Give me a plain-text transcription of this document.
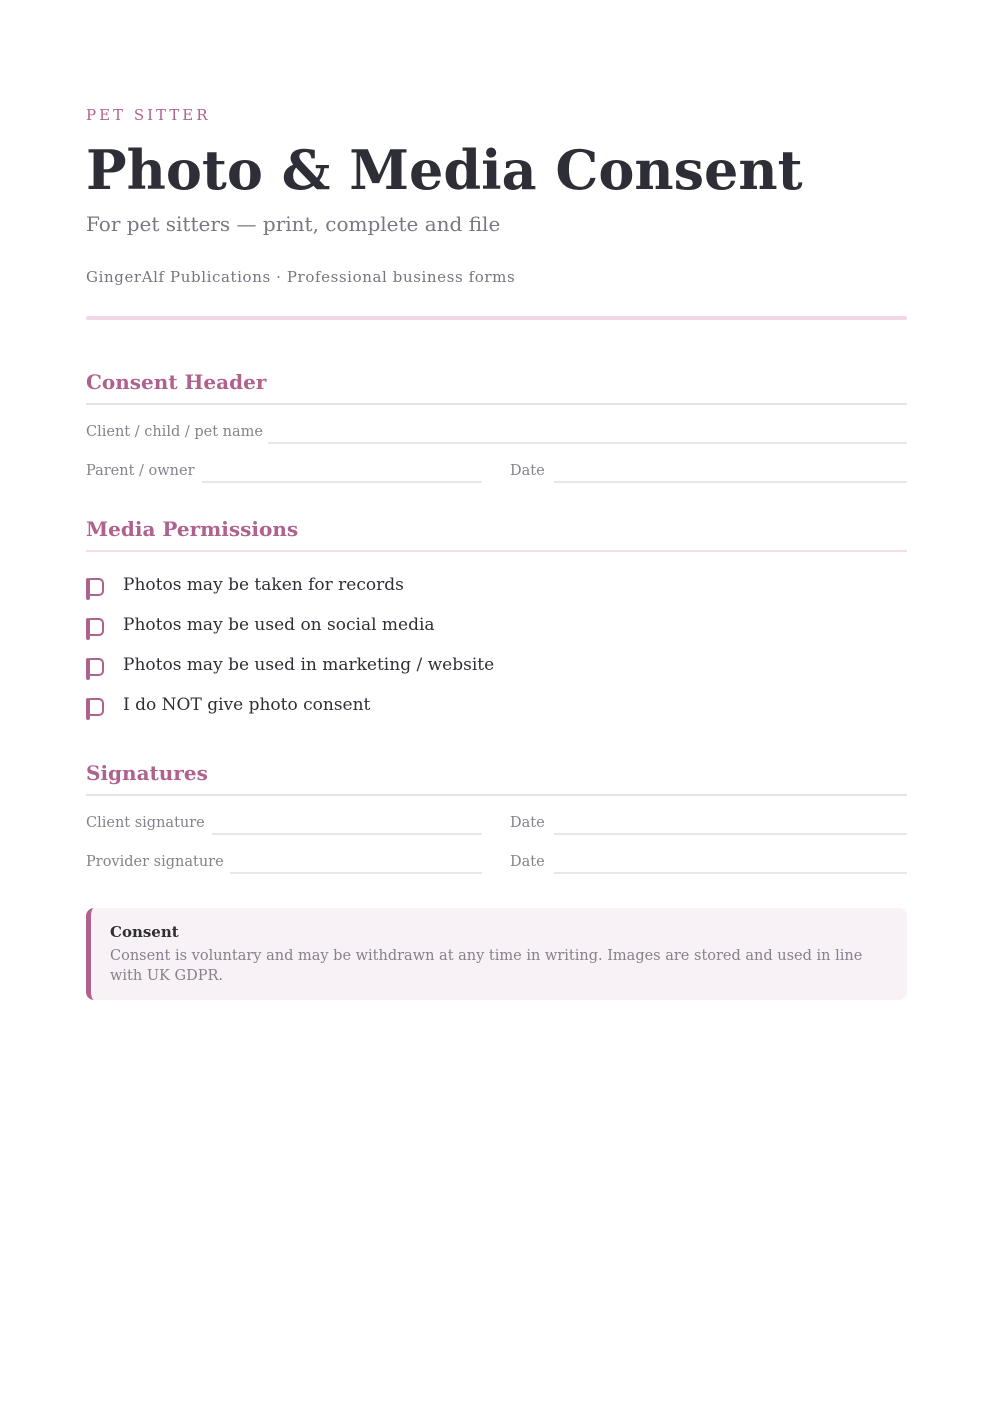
PET SITTER
Photo & Media Consent
For pet sitters — print, complete and file
GingerAlf Publications · Professional business forms
Consent Header
Client / child / pet name
Parent / owner	Date
Media Permissions
Photos may be taken for records
Photos may be used on social media
Photos may be used in marketing / website
I do NOT give photo consent
Signatures
Client signature	Date
Provider signature	Date
Consent
Consent is voluntary and may be withdrawn at any time in writing. Images are stored and used in line with UK GDPR.
